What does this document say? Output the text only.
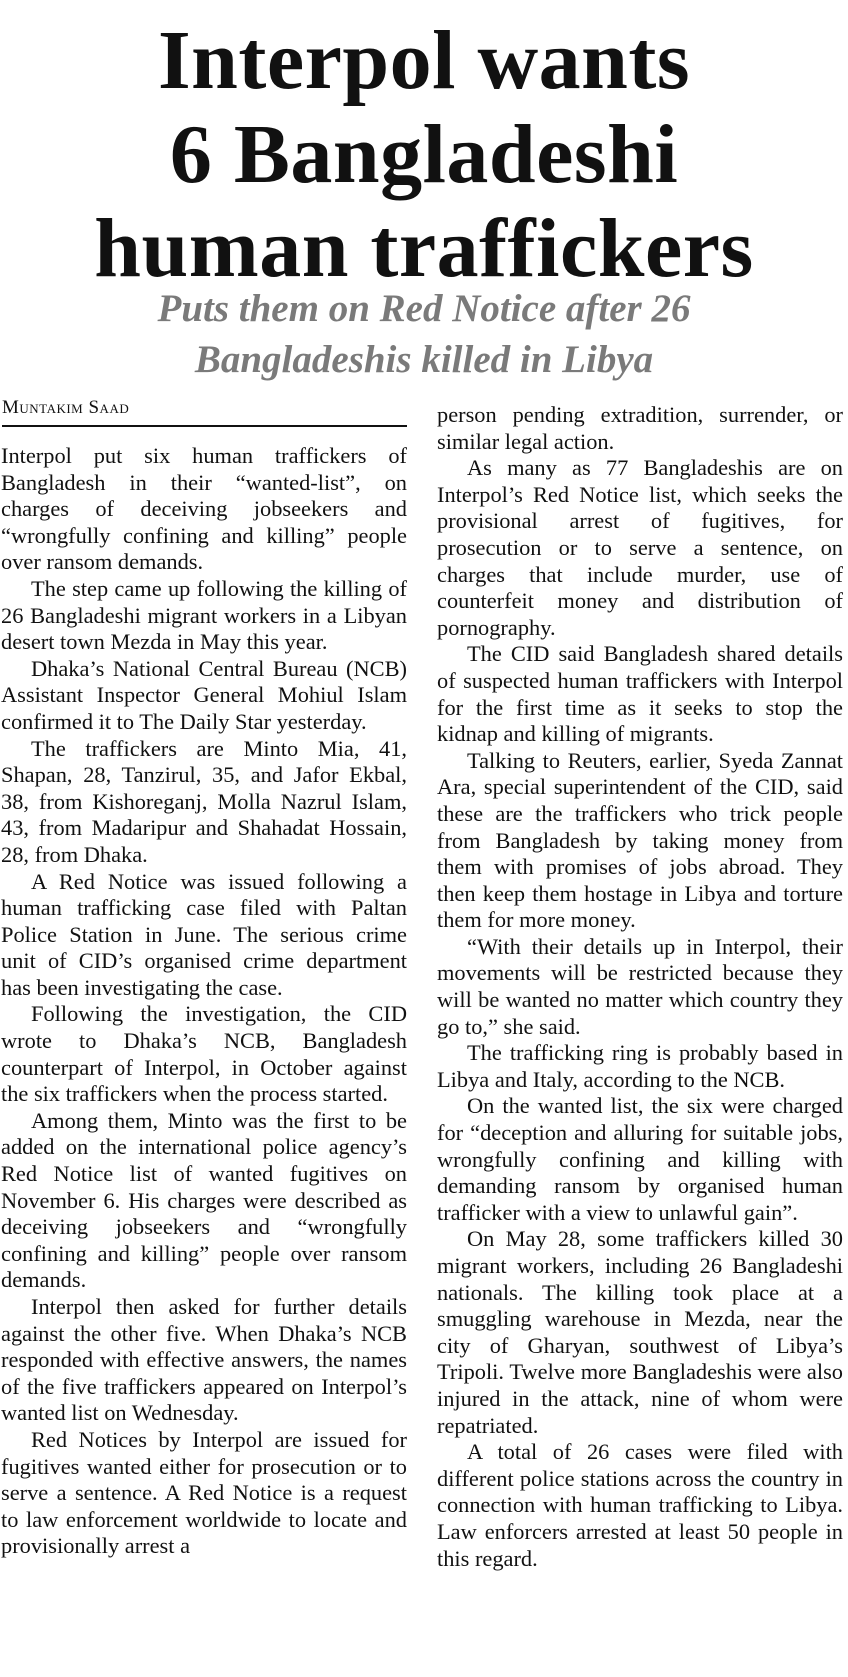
Interpol wants
6 Bangladeshi
human traffickers
Puts them on Red Notice after 26
Bangladeshis killed in Libya
Muntakim Saad

Interpol put six human traffickers of Bangladesh in their “wanted-list”, on charges of deceiving jobseekers and “wrongfully confining and killing” people over ransom demands.

The step came up following the killing of 26 Bangladeshi migrant workers in a Libyan desert town Mezda in May this year.

Dhaka’s National Central Bureau (NCB) Assistant Inspector General Mohiul Islam confirmed it to The Daily Star yesterday.

The traffickers are Minto Mia, 41, Shapan, 28, Tanzirul, 35, and Jafor Ekbal, 38, from Kishoreganj, Molla Nazrul Islam, 43, from Madaripur and Shahadat Hossain, 28, from Dhaka.

A Red Notice was issued following a human trafficking case filed with Paltan Police Station in June. The serious crime unit of CID’s organised crime department has been investigating the case.

Following the investigation, the CID wrote to Dhaka’s NCB, Bangladesh counterpart of Interpol, in October against the six traffickers when the process started.

Among them, Minto was the first to be added on the international police agency’s Red Notice list of wanted fugitives on November 6. His charges were described as deceiving jobseekers and “wrongfully confining and killing” people over ransom demands.

Interpol then asked for further details against the other five. When Dhaka’s NCB responded with effective answers, the names of the five traffickers appeared on Interpol’s wanted list on Wednesday.

Red Notices by Interpol are issued for fugitives wanted either for prosecution or to serve a sentence. A Red Notice is a request to law enforcement worldwide to locate and provisionally arrest a

person pending extradition, surrender, or similar legal action.

As many as 77 Bangladeshis are on Interpol’s Red Notice list, which seeks the provisional arrest of fugitives, for prosecution or to serve a sentence, on charges that include murder, use of counterfeit money and distribution of pornography.

The CID said Bangladesh shared details of suspected human traffickers with Interpol for the first time as it seeks to stop the kidnap and killing of migrants.

Talking to Reuters, earlier, Syeda Zannat Ara, special superintendent of the CID, said these are the traffickers who trick people from Bangladesh by taking money from them with promises of jobs abroad. They then keep them hostage in Libya and torture them for more money.

“With their details up in Interpol, their movements will be restricted because they will be wanted no matter which country they go to,” she said.

The trafficking ring is probably based in Libya and Italy, according to the NCB.

On the wanted list, the six were charged for “deception and alluring for suitable jobs, wrongfully confining and killing with demanding ransom by organised human trafficker with a view to unlawful gain”.

On May 28, some traffickers killed 30 migrant workers, including 26 Bangladeshi nationals. The killing took place at a smuggling warehouse in Mezda, near the city of Gharyan, southwest of Libya’s Tripoli. Twelve more Bangladeshis were also injured in the attack, nine of whom were repatriated.

A total of 26 cases were filed with different police stations across the country in connection with human trafficking to Libya. Law enforcers arrested at least 50 people in this regard.
